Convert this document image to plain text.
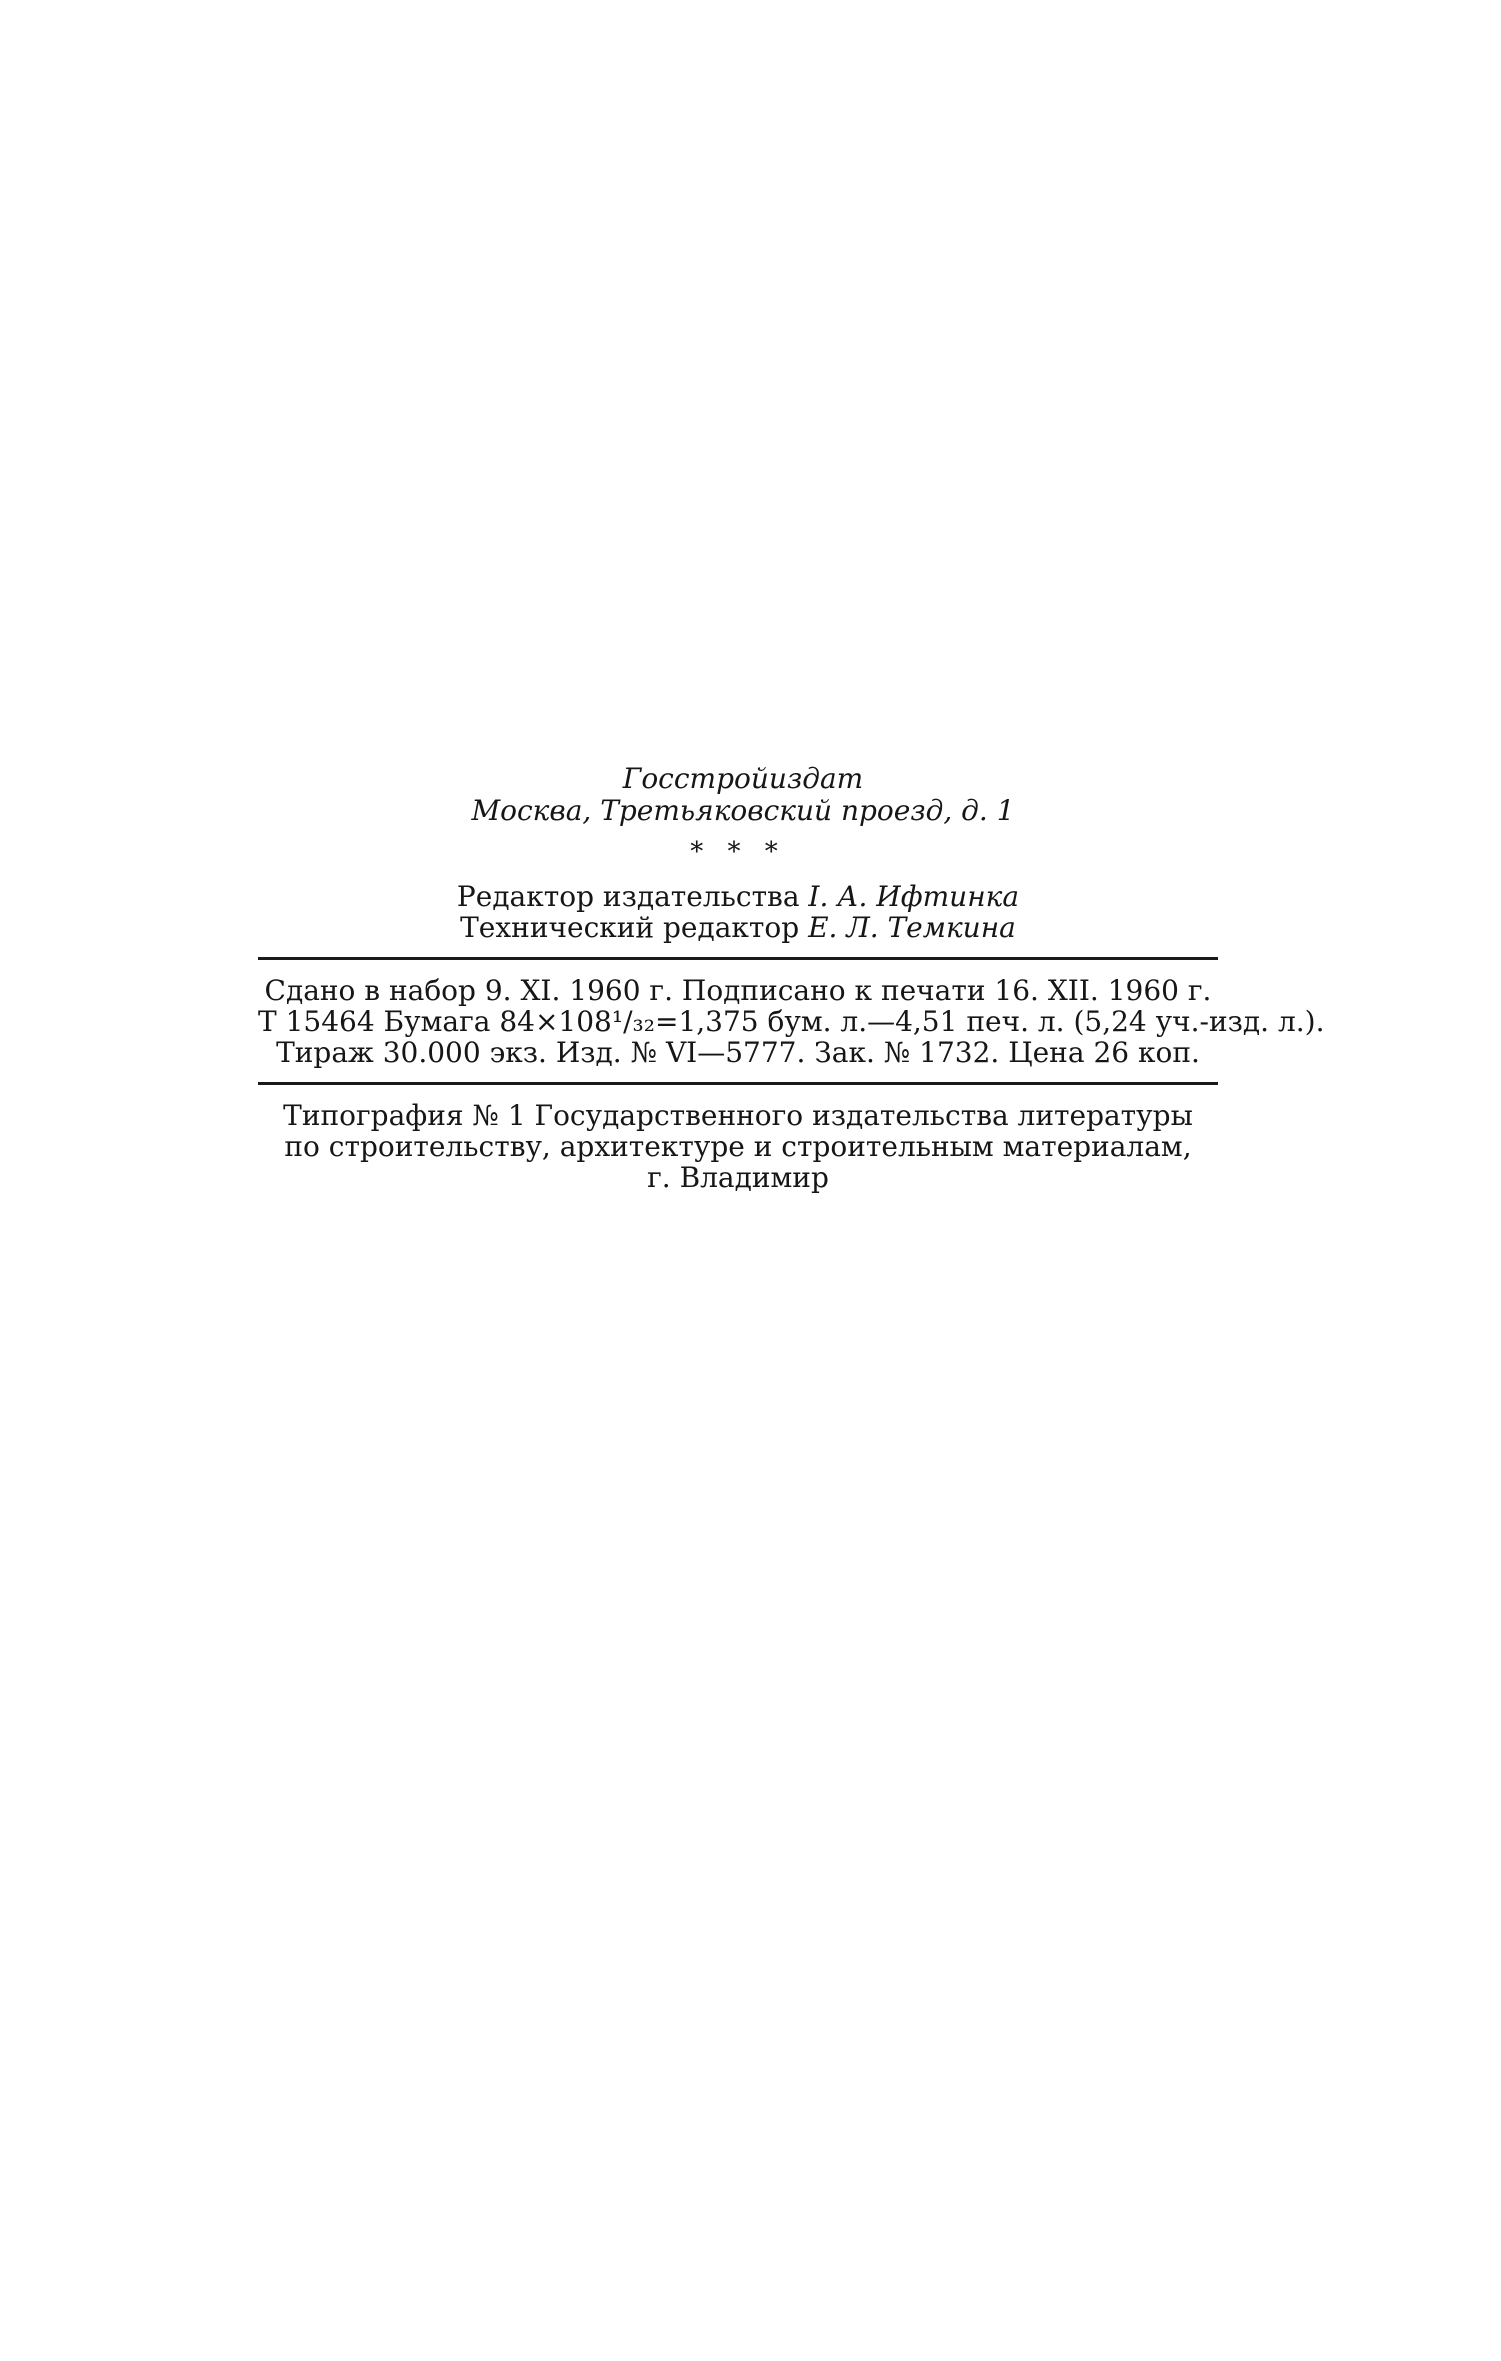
Госстройиздат
Москва, Третьяковский проезд, д. 1
* * *
Редактор издательства I. А. Ифтинка
Технический редактор Е. Л. Темкина
Сдано в набор 9. XI. 1960 г. Подписано к печати 16. XII. 1960 г.
Т 15464 Бумага 84×108¹/₃₂=1,375 бум. л.—4,51 печ. л. (5,24 уч.-изд. л.).
Тираж 30.000 экз. Изд. № VI—5777. Зак. № 1732. Цена 26 коп.
Типография № 1 Государственного издательства литературы
по строительству, архитектуре и строительным материалам,
г. Владимир
